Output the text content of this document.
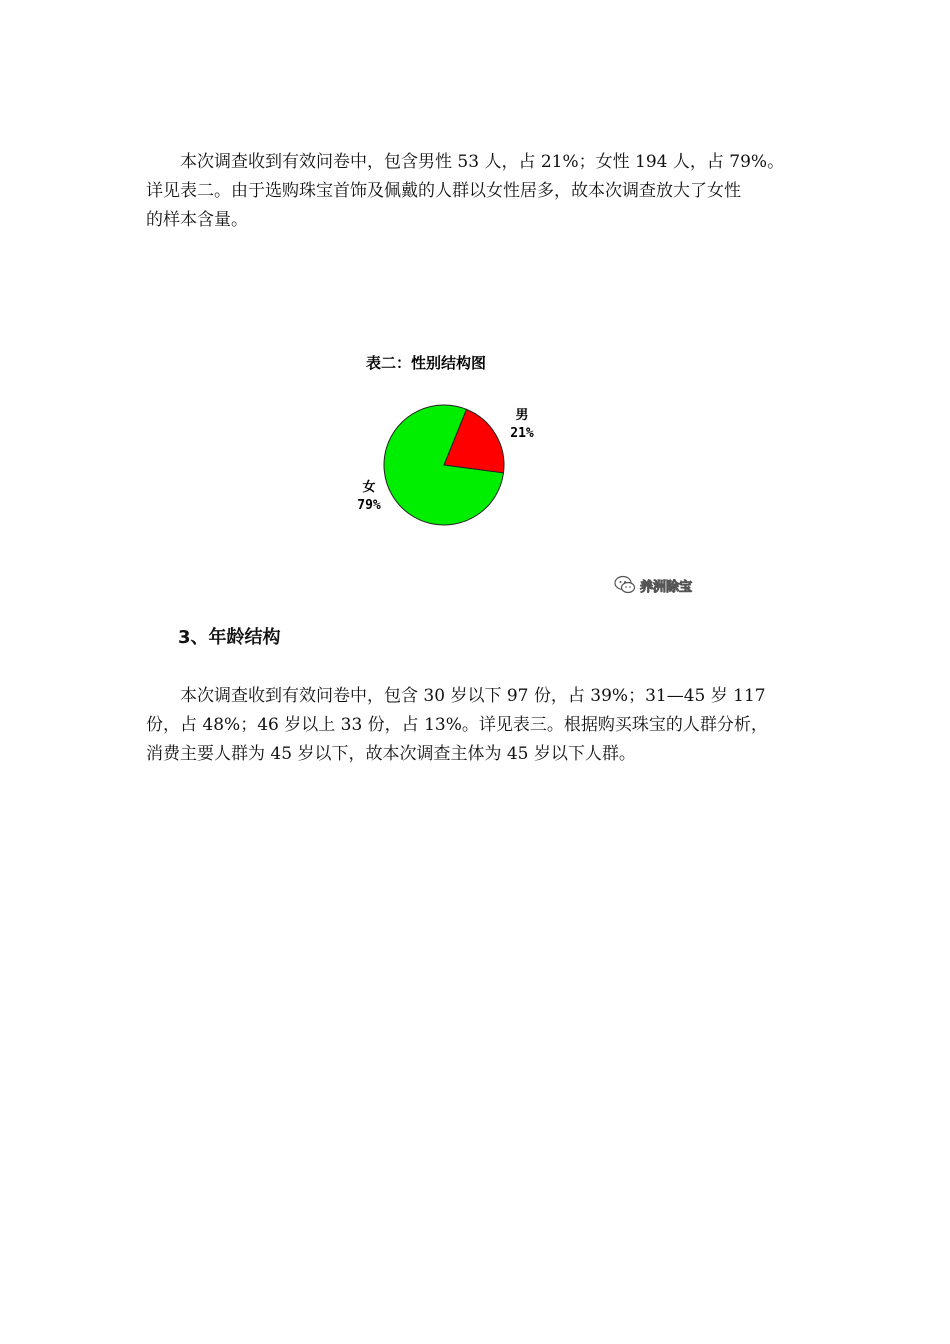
本次调查收到有效问卷中，包含男性 53 人，占 21%；女性 194 人，占 79%。
详见表二。由于选购珠宝首饰及佩戴的人群以女性居多，故本次调查放大了女性
的样本含量。
表二：性别结构图
男
21%
女
79%
养洲除宝
3、年龄结构
本次调查收到有效问卷中，包含 30 岁以下 97 份，占 39%；31—45 岁 117
份，占 48%；46 岁以上 33 份，占 13%。详见表三。根据购买珠宝的人群分析，
消费主要人群为 45 岁以下，故本次调查主体为 45 岁以下人群。
